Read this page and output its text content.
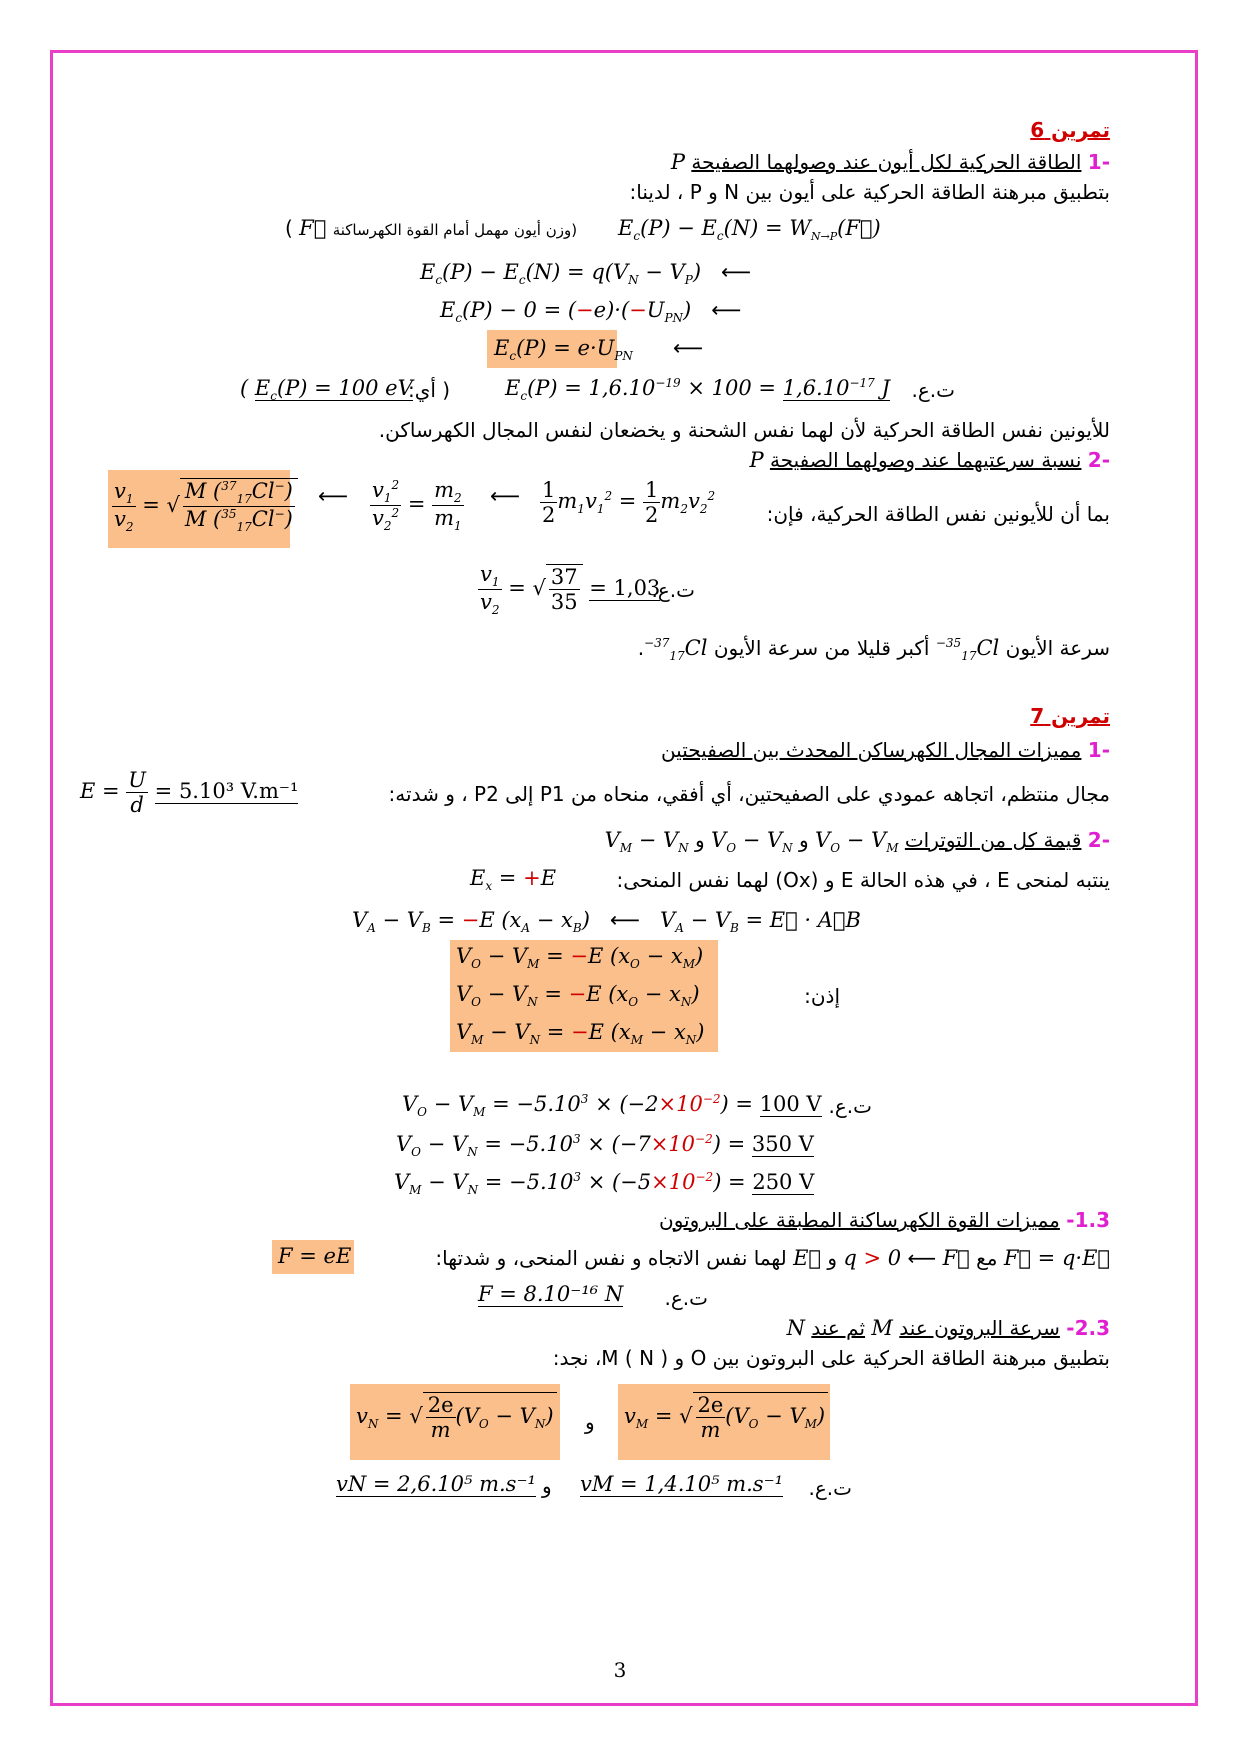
تمرين 6
-1 الطاقة الحركية لكل أيون عند وصولهما الصفيحة P
بتطبيق مبرهنة الطاقة الحركية على أيون بين N و P ، لدينا:
$E_c(P) - E_c(N)$ = $W_{N\to P}(F⃗)$
(وزن أيون مهمل أمام القوة الكهرساكنة F⃗ )
$E_c(P) - E_c(N) = q(V_N - V_P)$   ⟵
$E_c(P) - 0 = (-e)\cdot(-U_{PN})$   ⟵
$E_c(P) = e\cdot U_{PN}$ ⟵
ت.ع.
$E_c(P) = 1,6.10^{-19} \times 100 = 1,6.10^{-17}$ J
( أي:
( $E_c(P) = 100$ eV
للأيونين نفس الطاقة الحركية لأن لهما نفس الشحنة و يخضعان لنفس المجال الكهرساكن.
-2 نسبة سرعتيهما عند وصولهما الصفيحة P
بما أن للأيونين نفس الطاقة الحركية، فإن:
$\frac{v_1}{v_2}$ = √ $\frac{M (^{37}_{17}Cl^-)}{M (^{35}_{17}Cl^-)}$ ⟵ $\frac{v_1^2}{v_2^2} = \frac{m_2}{m_1}$ ⟵ $\frac{1}{2} m_1v_1^2 = \frac{1}{2} m_2v_2^2$
ت.ع.
$\frac{v_1}{v_2}$ = √ $\frac{37}{35} = 1,03$
سرعة الأيون $^{35}_{17}$Cl− أكبر قليلا من سرعة الأيون $^{37}_{17}$Cl−.
تمرين 7
-1 مميزات المجال الكهرساكن المحدث بين الصفيحتين
مجال منتظم، اتجاهه عمودي على الصفيحتين، أي أفقي، منحاه من P1 إلى P2 ، و شدته:
$E = \frac{U}{d} = 5.10^3$ V.m⁻¹
-2 قيمة كل من التوترات $V_O - V_M$ و $V_O - V_N$ و $V_M - V_N$
ينتبه لمنحى E ، في هذه الحالة E و (Ox) لهما نفس المنحى:
$E_x = +E$
$V_A - V_B = -E$ $(x_A - x_B)$   ⟵   $V_A - V_B$ = E⃗ · A⃗B
$V_O - V_M = -E$ $(x_O - x_M)$
$V_O - V_N = -E$ $(x_O - x_N)$
$V_M - V_N = -E$ $(x_M - x_N)$
إذن:
ت.ع.
$V_O - V_M = -5.10^3 \times (-2\times 10^{-2}) = 100$ V
$V_O - V_N = -5.10^3 \times (-7\times 10^{-2}) = 350$ V
$V_M - V_N = -5.10^3 \times (-5\times 10^{-2}) = 250$ V
1.3- مميزات القوة الكهرساكنة المطبقة على البروتون
F = eE	F⃗ = q·E⃗ مع q > 0 ⟵ F⃗ و E⃗ لهما نفس الاتجاه و نفس المنحى، و شدتها:
ت.ع.
F = 8.10⁻¹⁶ N
2.3- سرعة البروتون عند M ثم عند N
بتطبيق مبرهنة الطاقة الحركية على البروتون بين O و M ( N )، نجد:
$v_N$ = √ $\frac{2e}{m} (V_O - V_N)$ و $v_M$ = √ $\frac{2e}{m} (V_O - V_M)$
ت.ع.
vN = 2,6.10⁵ m.s⁻¹ و vM = 1,4.10⁵ m.s⁻¹
3
